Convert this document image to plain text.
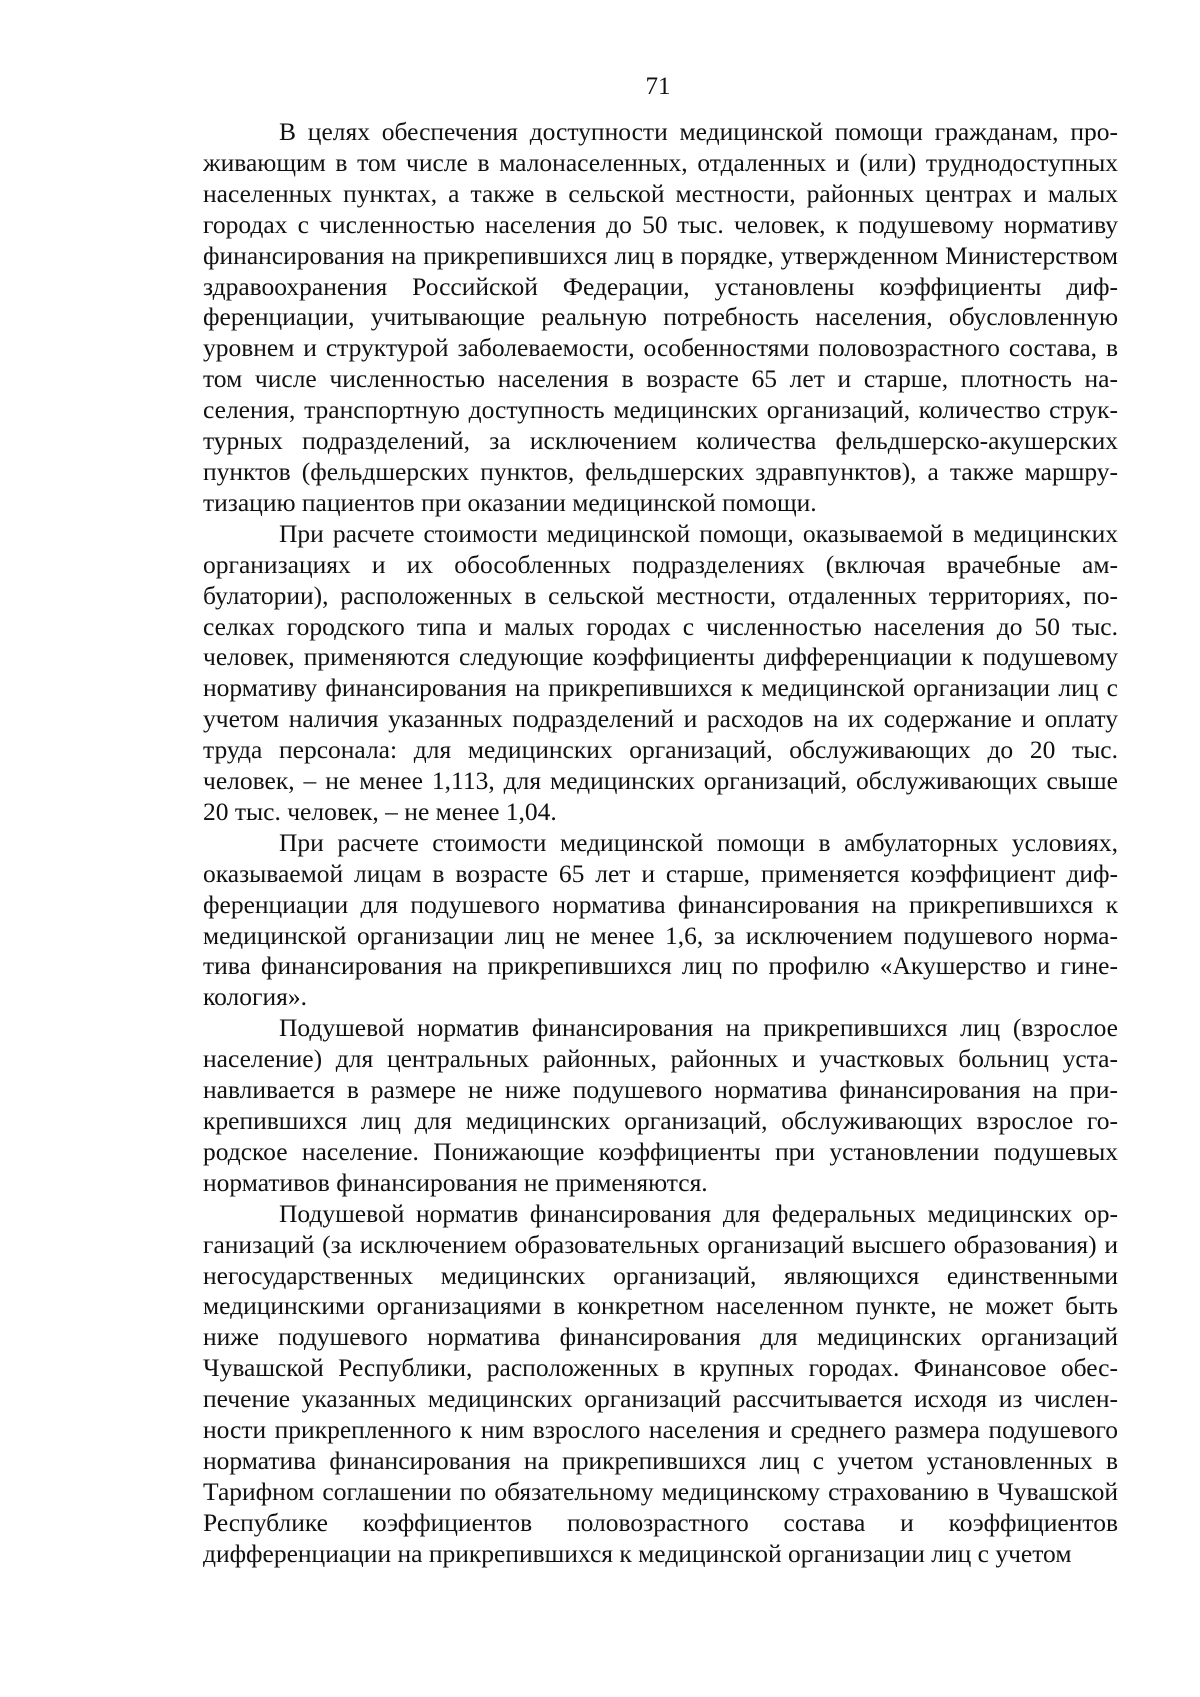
71

В целях обеспечения доступности медицинской помощи гражданам, проживающим в том числе в малонаселенных, отдаленных и (или) труднодоступных населенных пунктах, а также в сельской местности, районных центрах и малых городах с численностью населения до 50 тыс. человек, к подушевому нормативу финансирования на прикрепившихся лиц в порядке, утвержденном Министерством здравоохранения Российской Федерации, установлены коэффициенты дифференциации, учитывающие реальную потребность населения, обусловленную уровнем и структурой заболеваемости, особенностями половозрастного состава, в том числе численностью населения в возрасте 65 лет и старше, плотность населения, транспортную доступность медицинских организаций, количество структурных подразделений, за исключением количества фельдшерско-акушерских пунктов (фельдшерских пунктов, фельдшерских здравпунктов), а также маршрутизацию пациентов при оказании медицинской помощи.

При расчете стоимости медицинской помощи, оказываемой в медицинских организациях и их обособленных подразделениях (включая врачебные амбулатории), расположенных в сельской местности, отдаленных территориях, поселках городского типа и малых городах с численностью населения до 50 тыс. человек, применяются следующие коэффициенты дифференциации к подушевому нормативу финансирования на прикрепившихся к медицинской организации лиц с учетом наличия указанных подразделений и расходов на их содержание и оплату труда персонала: для медицинских организаций, обслуживающих до 20 тыс. человек, – не менее 1,113, для медицинских организаций, обслуживающих свыше 20 тыс. человек, – не менее 1,04.

При расчете стоимости медицинской помощи в амбулаторных условиях, оказываемой лицам в возрасте 65 лет и старше, применяется коэффициент дифференциации для подушевого норматива финансирования на прикрепившихся к медицинской организации лиц не менее 1,6, за исключением подушевого норматива финансирования на прикрепившихся лиц по профилю «Акушерство и гинекология».

Подушевой норматив финансирования на прикрепившихся лиц (взрослое население) для центральных районных, районных и участковых больниц устанавливается в размере не ниже подушевого норматива финансирования на прикрепившихся лиц для медицинских организаций, обслуживающих взрослое городское население. Понижающие коэффициенты при установлении подушевых нормативов финансирования не применяются.

Подушевой норматив финансирования для федеральных медицинских организаций (за исключением образовательных организаций высшего образования) и негосударственных медицинских организаций, являющихся единственными медицинскими организациями в конкретном населенном пункте, не может быть ниже подушевого норматива финансирования для медицинских организаций Чувашской Республики, расположенных в крупных городах. Финансовое обеспечение указанных медицинских организаций рассчитывается исходя из численности прикрепленного к ним взрослого населения и среднего размера подушевого норматива финансирования на прикрепившихся лиц с учетом установленных в Тарифном соглашении по обязательному медицинскому страхованию в Чувашской Республике коэффициентов половозрастного состава и коэффициентов дифференциации на прикрепившихся к медицинской организации лиц с учетом
